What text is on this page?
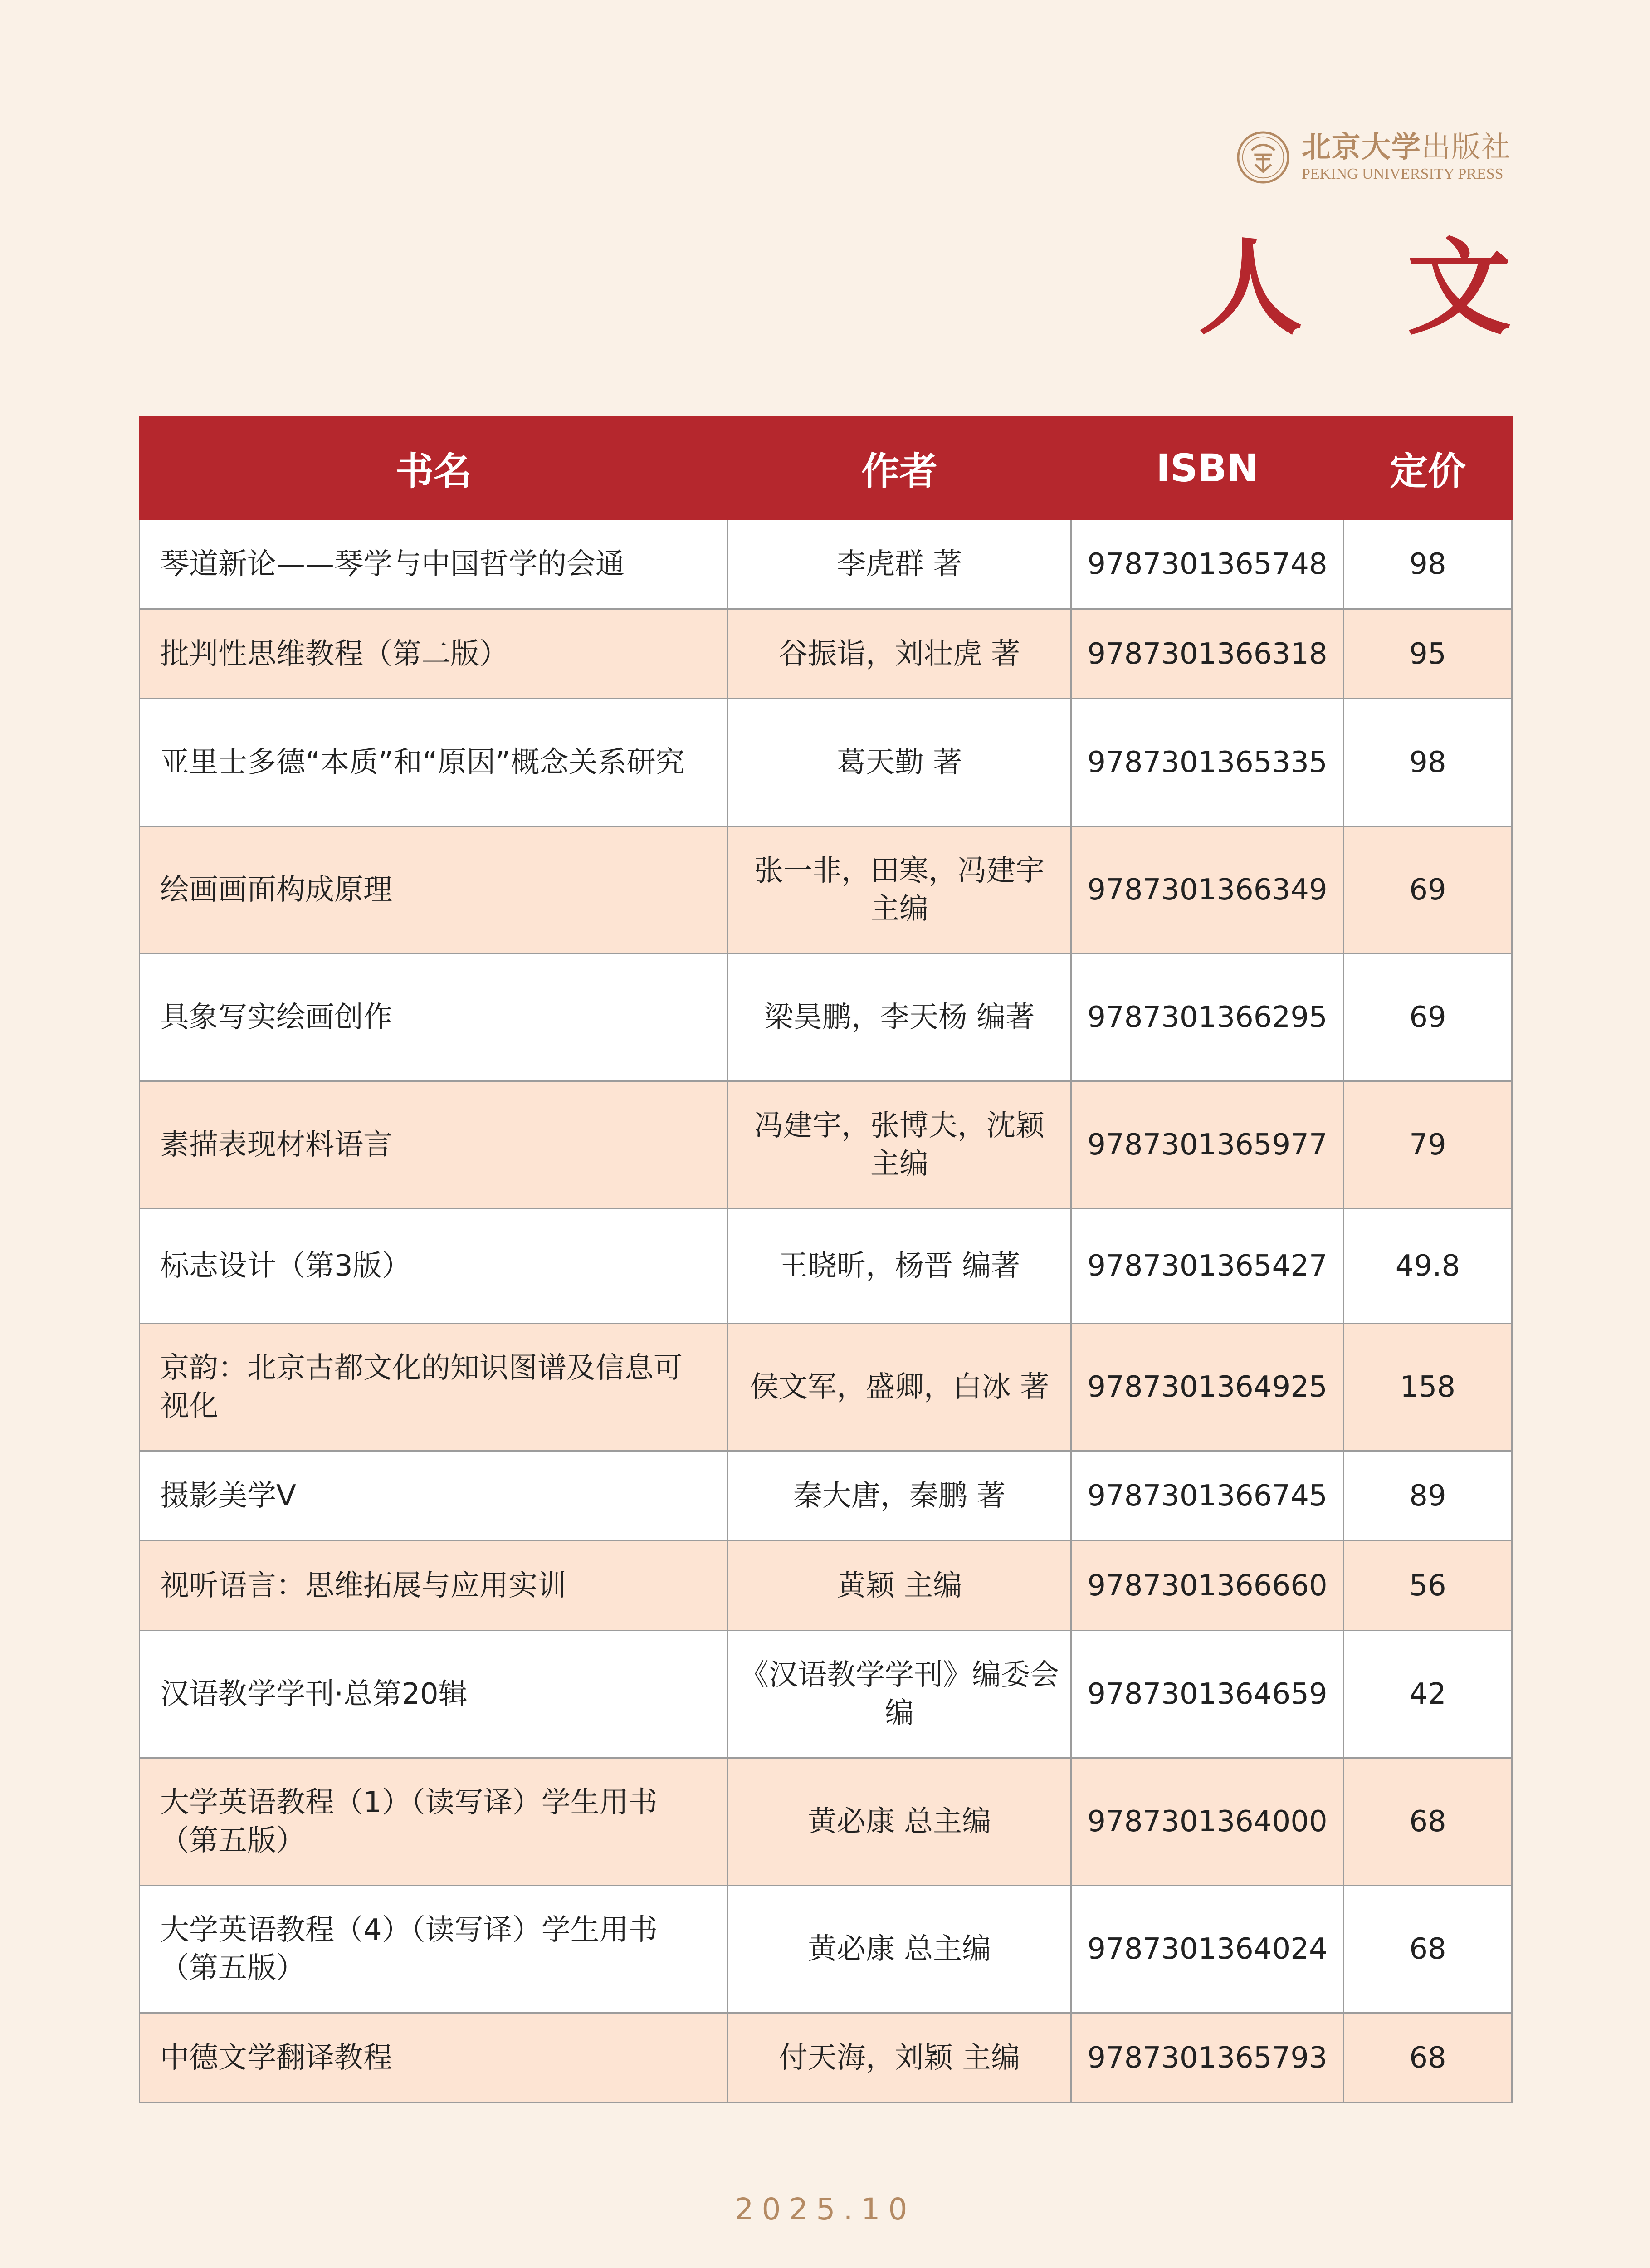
北京大学出版社
PEKING UNIVERSITY PRESS
人　文
书名	作者	ISBN	定价
琴道新论——琴学与中国哲学的会通	李虎群 著	9787301365748	98
批判性思维教程（第二版）	谷振诣，刘壮虎 著	9787301366318	95
亚里士多德“本质”和“原因”概念关系研究	葛天勤 著	9787301365335	98
绘画画面构成原理	张一非，田寒，冯建宇 主编	9787301366349	69
具象写实绘画创作	梁昊鹏，李天杨 编著	9787301366295	69
素描表现材料语言	冯建宇，张博夫，沈颖 主编	9787301365977	79
标志设计（第3版）	王晓昕，杨晋 编著	9787301365427	49.8
京韵：北京古都文化的知识图谱及信息可视化	侯文军，盛卿，白冰 著	9787301364925	158
摄影美学Ⅴ	秦大唐，秦鹏 著	9787301366745	89
视听语言：思维拓展与应用实训	黄颖 主编	9787301366660	56
汉语教学学刊·总第20辑	《汉语教学学刊》编委会 编	9787301364659	42
大学英语教程（1）（读写译）学生用书（第五版）	黄必康 总主编	9787301364000	68
大学英语教程（4）（读写译）学生用书（第五版）	黄必康 总主编	9787301364024	68
中德文学翻译教程	付天海，刘颖 主编	9787301365793	68
2025.10
